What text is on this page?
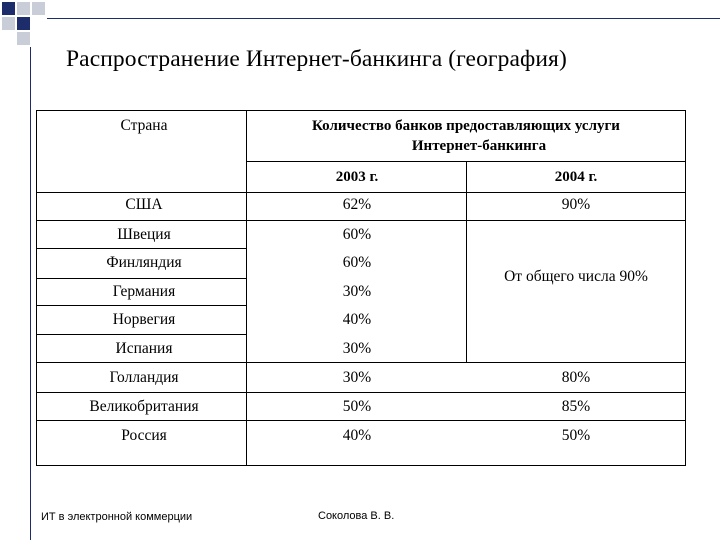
Распространение Интернет-банкинга (география)
Страна	Количество банков предоставляющих услуги
Интернет-банкинга
2003 г.	2004 г.
США	62%	90%
Швеция	60%
Финляндия	60%
Германия	30%
Норвегия	40%
Испания	30%
От общего числа 90%
Голландия	30%	80%
Великобритания	50%	85%
Россия	40%	50%
ИТ в электронной коммерции	Соколова В. В.
